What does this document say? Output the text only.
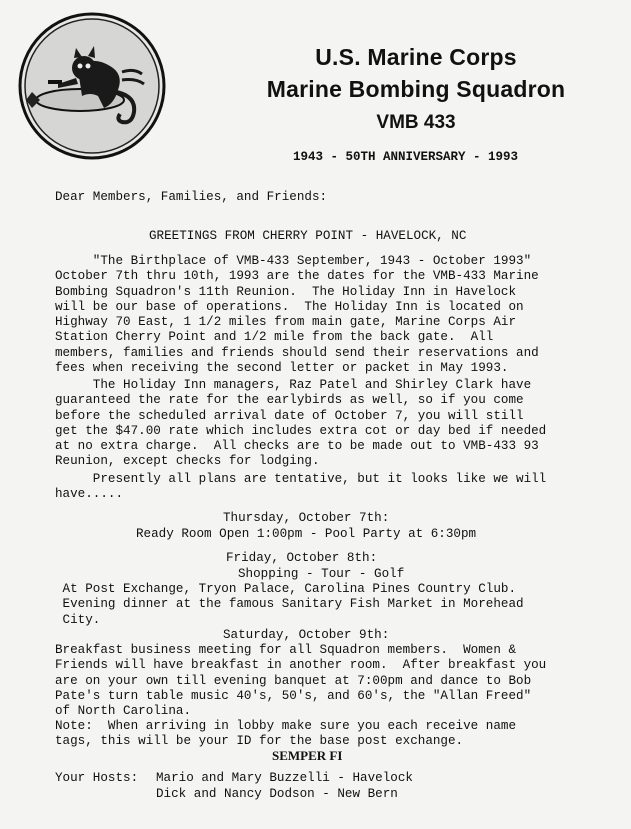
U.S. Marine Corps
Marine Bombing Squadron
VMB 433
1943 - 50TH ANNIVERSARY - 1993
Dear Members, Families, and Friends:
GREETINGS FROM CHERRY POINT - HAVELOCK, NC
"The Birthplace of VMB-433 September, 1943 - October 1993"
October 7th thru 10th, 1993 are the dates for the VMB-433 Marine
Bombing Squadron's 11th Reunion.  The Holiday Inn in Havelock
will be our base of operations.  The Holiday Inn is located on
Highway 70 East, 1 1/2 miles from main gate, Marine Corps Air
Station Cherry Point and 1/2 mile from the back gate.  All
members, families and friends should send their reservations and
fees when receiving the second letter or packet in May 1993.
The Holiday Inn managers, Raz Patel and Shirley Clark have
guaranteed the rate for the earlybirds as well, so if you come
before the scheduled arrival date of October 7, you will still
get the $47.00 rate which includes extra cot or day bed if needed
at no extra charge.  All checks are to be made out to VMB-433 93
Reunion, except checks for lodging.
Presently all plans are tentative, but it looks like we will
have.....
Thursday, October 7th:
Ready Room Open 1:00pm - Pool Party at 6:30pm
Friday, October 8th:
Shopping - Tour - Golf
At Post Exchange, Tryon Palace, Carolina Pines Country Club.
Evening dinner at the famous Sanitary Fish Market in Morehead
City.
Saturday, October 9th:
Breakfast business meeting for all Squadron members.  Women &
Friends will have breakfast in another room.  After breakfast you
are on your own till evening banquet at 7:00pm and dance to Bob
Pate's turn table music 40's, 50's, and 60's, the "Allan Freed"
of North Carolina.
Note:  When arriving in lobby make sure you each receive name
tags, this will be your ID for the base post exchange.
SEMPER FI
Your Hosts: Mario and Mary Buzzelli - Havelock
Dick and Nancy Dodson - New Bern
